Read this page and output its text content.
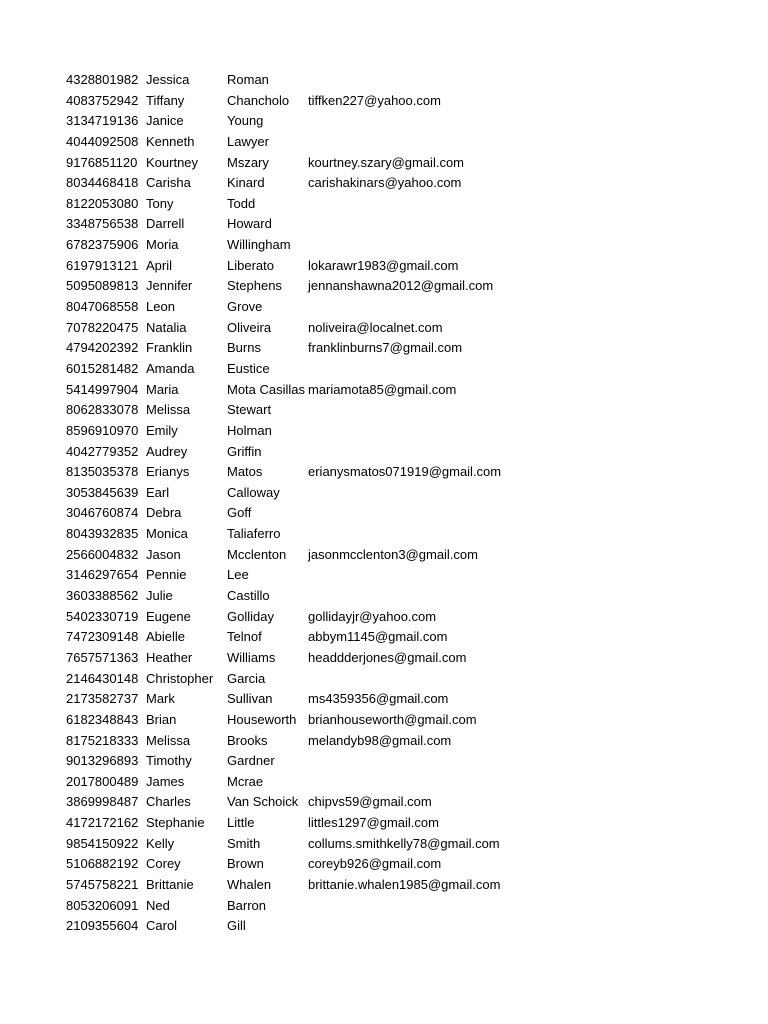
4328801982 Jessica	Roman
4083752942 Tiffany	Chancholo tiffken227@yahoo.com
3134719136 Janice	Young
4044092508 Kenneth	Lawyer
9176851120 Kourtney Mszary	kourtney.szary@gmail.com
8034468418 Carisha	Kinard	carishakinars@yahoo.com
8122053080 Tony	Todd
3348756538 Darrell	Howard
6782375906 Moria	Willingham
6197913121 April	Liberato	lokarawr1983@gmail.com
5095089813 Jennifer	Stephens jennanshawna2012@gmail.com
8047068558 Leon	Grove
7078220475 Natalia	Oliveira	noliveira@localnet.com
4794202392 Franklin	Burns	franklinburns7@gmail.com
6015281482 Amanda	Eustice
5414997904 Maria	Mota Casillas mariamota85@gmail.com
8062833078 Melissa	Stewart
8596910970 Emily	Holman
4042779352 Audrey	Griffin
8135035378 Erianys	Matos	erianysmatos071919@gmail.com
3053845639 Earl	Calloway
3046760874 Debra	Goff
8043932835 Monica	Taliaferro
2566004832 Jason	Mcclenton jasonmcclenton3@gmail.com
3146297654 Pennie	Lee
3603388562 Julie	Castillo
5402330719 Eugene	Golliday	gollidayjr@yahoo.com
7472309148 Abielle	Telnof	abbym1145@gmail.com
7657571363 Heather	Williams	headdderjones@gmail.com
2146430148 Christopher Garcia
2173582737 Mark	Sullivan	ms4359356@gmail.com
6182348843 Brian	Houseworth brianhouseworth@gmail.com
8175218333 Melissa	Brooks	melandyb98@gmail.com
9013296893 Timothy	Gardner
2017800489 James	Mcrae
3869998487 Charles	Van Schoick chipvs59@gmail.com
4172172162 Stephanie Little	littles1297@gmail.com
9854150922 Kelly	Smith	collums.smithkelly78@gmail.com
5106882192 Corey	Brown	coreyb926@gmail.com
5745758221 Brittanie	Whalen	brittanie.whalen1985@gmail.com
8053206091 Ned	Barron
2109355604 Carol	Gill
